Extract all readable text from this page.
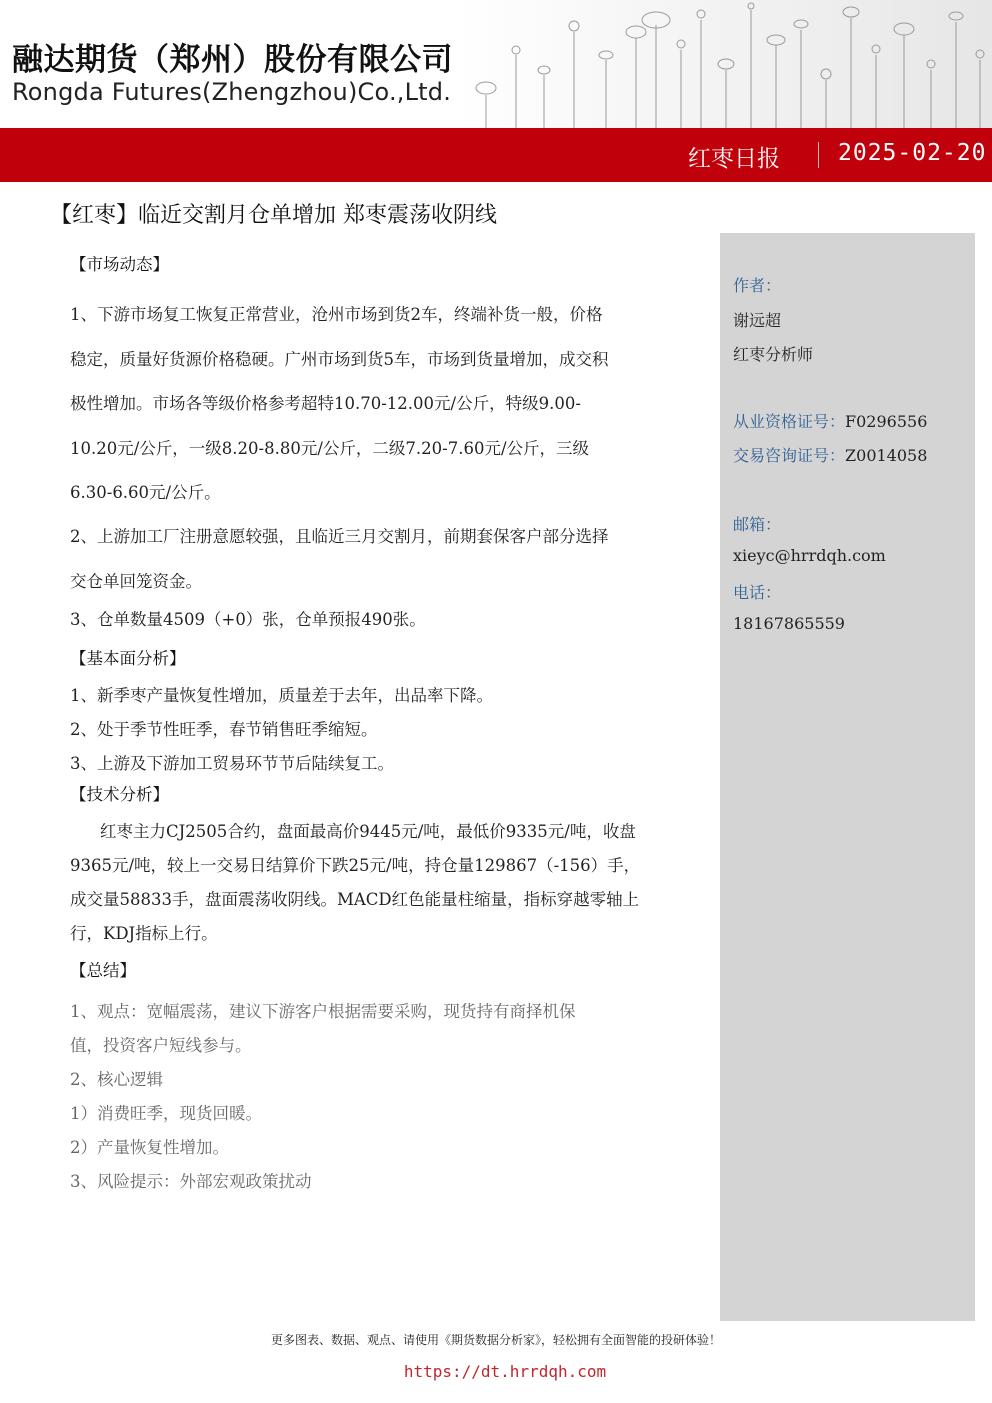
融达期货（郑州）股份有限公司
Rongda Futures(Zhengzhou)Co.,Ltd.
红枣日报	2025-02-20
【红枣】临近交割月仓单增加 郑枣震荡收阴线
作者：
谢远超
红枣分析师
从业资格证号：F0296556
交易咨询证号：Z0014058
邮箱：
xieyc@hrrdqh.com
电话：
18167865559
【市场动态】
1、下游市场复工恢复正常营业，沧州市场到货2车，终端补货一般，价格
稳定，质量好货源价格稳硬。广州市场到货5车，市场到货量增加，成交积
极性增加。市场各等级价格参考超特10.70-12.00元/公斤，特级9.00-
10.20元/公斤，一级8.20-8.80元/公斤，二级7.20-7.60元/公斤，三级
6.30-6.60元/公斤。
2、上游加工厂注册意愿较强，且临近三月交割月，前期套保客户部分选择
交仓单回笼资金。
3、仓单数量4509（+0）张，仓单预报490张。
【基本面分析】
1、新季枣产量恢复性增加，质量差于去年，出品率下降。
2、处于季节性旺季，春节销售旺季缩短。
3、上游及下游加工贸易环节节后陆续复工。
【技术分析】
红枣主力CJ2505合约，盘面最高价9445元/吨，最低价9335元/吨，收盘
9365元/吨，较上一交易日结算价下跌25元/吨，持仓量129867（-156）手，
成交量58833手，盘面震荡收阴线。MACD红色能量柱缩量，指标穿越零轴上
行，KDJ指标上行。
【总结】
1、观点：宽幅震荡，建议下游客户根据需要采购，现货持有商择机保
值，投资客户短线参与。
2、核心逻辑
1）消费旺季，现货回暖。
2）产量恢复性增加。
3、风险提示：外部宏观政策扰动
更多图表、数据、观点、请使用《期货数据分析家》，轻松拥有全面智能的投研体验！
https://dt.hrrdqh.com
